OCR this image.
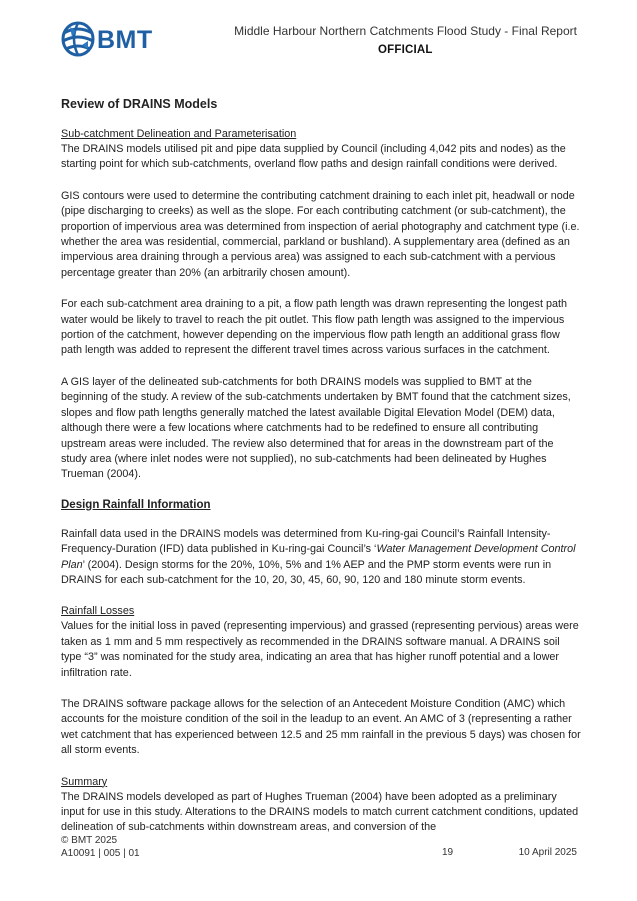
BMT	Middle Harbour Northern Catchments Flood Study - Final Report
OFFICIAL
Review of DRAINS Models
Sub-catchment Delineation and Parameterisation

The DRAINS models utilised pit and pipe data supplied by Council (including 4,042 pits and nodes) as the starting point for which sub-catchments, overland flow paths and design rainfall conditions were derived.

GIS contours were used to determine the contributing catchment draining to each inlet pit, headwall or node (pipe discharging to creeks) as well as the slope. For each contributing catchment (or sub-catchment), the proportion of impervious area was determined from inspection of aerial photography and catchment type (i.e. whether the area was residential, commercial, parkland or bushland). A supplementary area (defined as an impervious area draining through a pervious area) was assigned to each sub-catchment with a pervious percentage greater than 20% (an arbitrarily chosen amount).

For each sub-catchment area draining to a pit, a flow path length was drawn representing the longest path water would be likely to travel to reach the pit outlet. This flow path length was assigned to the impervious portion of the catchment, however depending on the impervious flow path length an additional grass flow path length was added to represent the different travel times across various surfaces in the catchment.

A GIS layer of the delineated sub-catchments for both DRAINS models was supplied to BMT at the beginning of the study. A review of the sub-catchments undertaken by BMT found that the catchment sizes, slopes and flow path lengths generally matched the latest available Digital Elevation Model (DEM) data, although there were a few locations where catchments had to be redefined to ensure all contributing upstream areas were included. The review also determined that for areas in the downstream part of the study area (where inlet nodes were not supplied), no sub-catchments had been delineated by Hughes Trueman (2004).

Design Rainfall Information

Rainfall data used in the DRAINS models was determined from Ku-ring-gai Council’s Rainfall Intensity-Frequency-Duration (IFD) data published in Ku-ring-gai Council’s ‘Water Management Development Control Plan’ (2004). Design storms for the 20%, 10%, 5% and 1% AEP and the PMP storm events were run in DRAINS for each sub-catchment for the 10, 20, 30, 45, 60, 90, 120 and 180 minute storm events.

Rainfall Losses

Values for the initial loss in paved (representing impervious) and grassed (representing pervious) areas were taken as 1 mm and 5 mm respectively as recommended in the DRAINS software manual. A DRAINS soil type “3” was nominated for the study area, indicating an area that has higher runoff potential and a lower infiltration rate.

The DRAINS software package allows for the selection of an Antecedent Moisture Condition (AMC) which accounts for the moisture condition of the soil in the leadup to an event. An AMC of 3 (representing a rather wet catchment that has experienced between 12.5 and 25 mm rainfall in the previous 5 days) was chosen for all storm events.

Summary

The DRAINS models developed as part of Hughes Trueman (2004) have been adopted as a preliminary input for use in this study. Alterations to the DRAINS models to match current catchment conditions, updated delineation of sub-catchments within downstream areas, and conversion of the

© BMT 2025
A10091 | 005 | 01	19	10 April 2025
